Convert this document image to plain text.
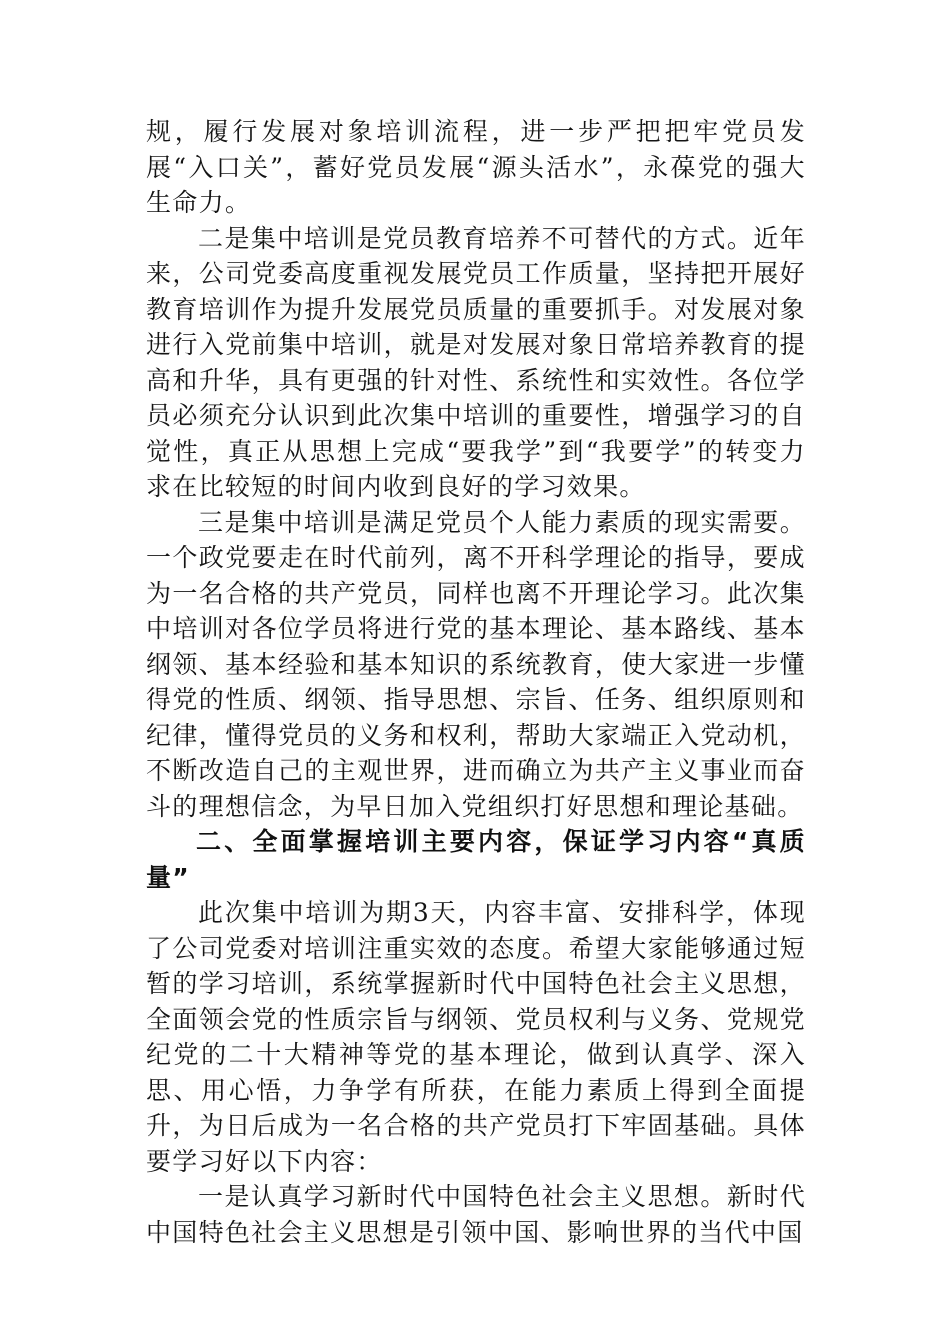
规，履行发展对象培训流程，进一步严把把牢党员发展“入口关”，蓄好党员发展“源头活水”，永葆党的强大生命力。

二是集中培训是党员教育培养不可替代的方式。近年来，公司党委高度重视发展党员工作质量，坚持把开展好教育培训作为提升发展党员质量的重要抓手。对发展对象进行入党前集中培训，就是对发展对象日常培养教育的提高和升华，具有更强的针对性、系统性和实效性。各位学员必须充分认识到此次集中培训的重要性，增强学习的自觉性，真正从思想上完成“要我学”到“我要学”的转变力求在比较短的时间内收到良好的学习效果。

三是集中培训是满足党员个人能力素质的现实需要。一个政党要走在时代前列，离不开科学理论的指导，要成为一名合格的共产党员，同样也离不开理论学习。此次集中培训对各位学员将进行党的基本理论、基本路线、基本纲领、基本经验和基本知识的系统教育，使大家进一步懂得党的性质、纲领、指导思想、宗旨、任务、组织原则和纪律，懂得党员的义务和权利，帮助大家端正入党动机，不断改造自己的主观世界，进而确立为共产主义事业而奋斗的理想信念，为早日加入党组织打好思想和理论基础。

二、全面掌握培训主要内容，保证学习内容“真质量”

此次集中培训为期3天，内容丰富、安排科学，体现了公司党委对培训注重实效的态度。希望大家能够通过短暂的学习培训，系统掌握新时代中国特色社会主义思想，全面领会党的性质宗旨与纲领、党员权利与义务、党规党纪党的二十大精神等党的基本理论，做到认真学、深入思、用心悟，力争学有所获，在能力素质上得到全面提升，为日后成为一名合格的共产党员打下牢固基础。具体要学习好以下内容：

一是认真学习新时代中国特色社会主义思想。新时代中国特色社会主义思想是引领中国、影响世界的当代中国
